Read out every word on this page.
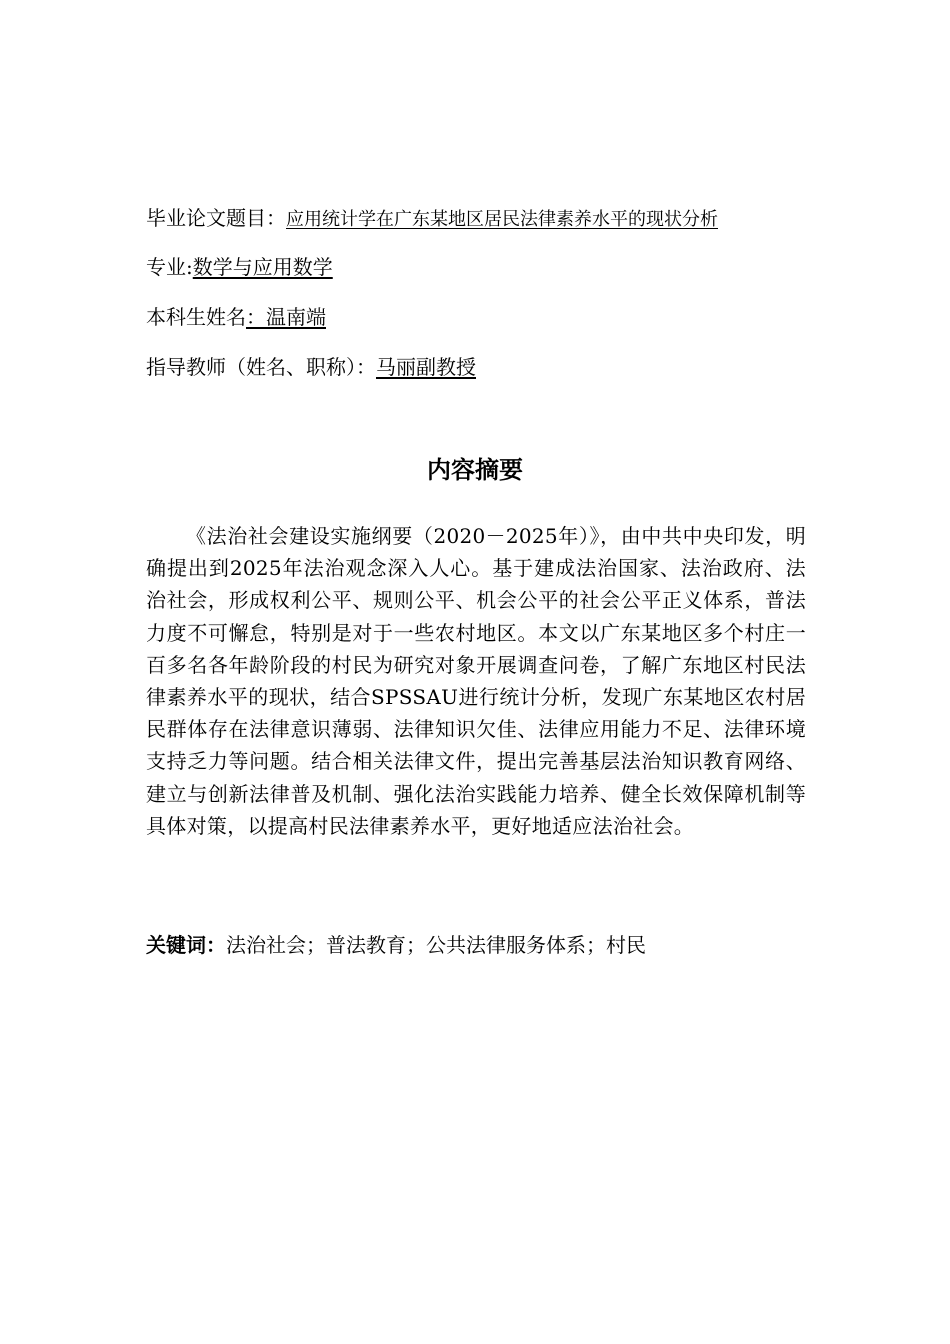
毕业论文题目：应用统计学在广东某地区居民法律素养水平的现状分析
专业:数学与应用数学
本科生姓名：温南端
指导教师（姓名、职称）：马丽副教授
内容摘要

《法治社会建设实施纲要（2020－2025年）》，由中共中央印发，明确提出到2025年法治观念深入人心。基于建成法治国家、法治政府、法治社会，形成权利公平、规则公平、机会公平的社会公平正义体系，普法力度不可懈怠，特别是对于一些农村地区。本文以广东某地区多个村庄一百多名各年龄阶段的村民为研究对象开展调查问卷，了解广东地区村民法律素养水平的现状，结合SPSSAU进行统计分析，发现广东某地区农村居民群体存在法律意识薄弱、法律知识欠佳、法律应用能力不足、法律环境支持乏力等问题。结合相关法律文件，提出完善基层法治知识教育网络、建立与创新法律普及机制、强化法治实践能力培养、健全长效保障机制等具体对策，以提高村民法律素养水平，更好地适应法治社会。

关键词：法治社会；普法教育；公共法律服务体系；村民
